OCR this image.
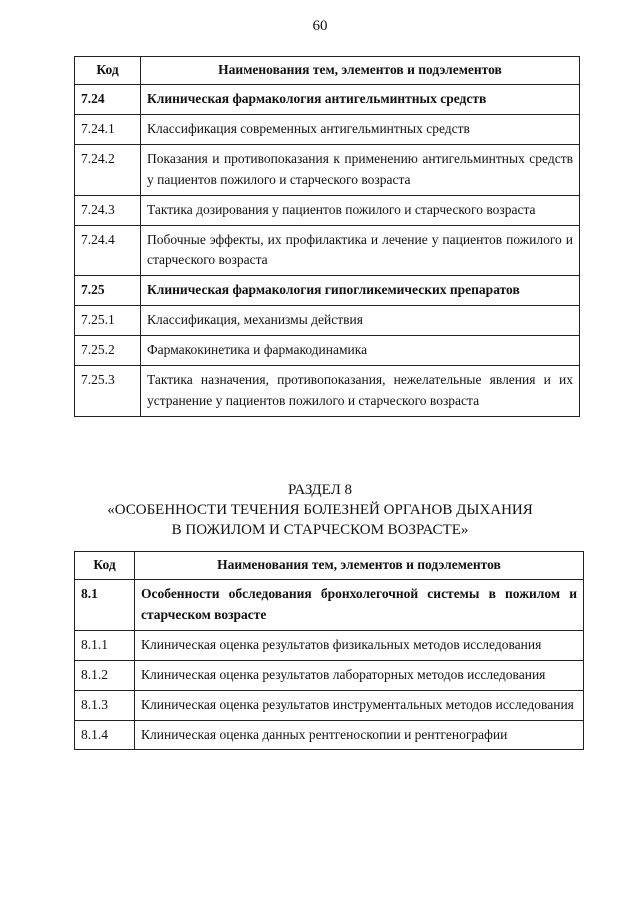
60
Код	Наименования тем, элементов и подэлементов
7.24	Клиническая фармакология антигельминтных средств
7.24.1	Классификация современных антигельминтных средств
7.24.2	Показания и противопоказания к применению антигельминтных средств у пациентов пожилого и старческого возраста
7.24.3	Тактика дозирования у пациентов пожилого и старческого возраста
7.24.4	Побочные эффекты, их профилактика и лечение у пациентов пожилого и старческого возраста
7.25	Клиническая фармакология гипогликемических препаратов
7.25.1	Классификация, механизмы действия
7.25.2	Фармакокинетика и фармакодинамика
7.25.3	Тактика назначения, противопоказания, нежелательные явления и их устранение у пациентов пожилого и старческого возраста
РАЗДЕЛ 8
«ОСОБЕННОСТИ ТЕЧЕНИЯ БОЛЕЗНЕЙ ОРГАНОВ ДЫХАНИЯ
В ПОЖИЛОМ И СТАРЧЕСКОМ ВОЗРАСТЕ»
Код	Наименования тем, элементов и подэлементов
8.1	Особенности обследования бронхолегочной системы в пожилом и старческом возрасте
8.1.1	Клиническая оценка результатов физикальных методов исследования
8.1.2	Клиническая оценка результатов лабораторных методов исследования
8.1.3	Клиническая оценка результатов инструментальных методов исследования
8.1.4	Клиническая оценка данных рентгеноскопии и рентгенографии
